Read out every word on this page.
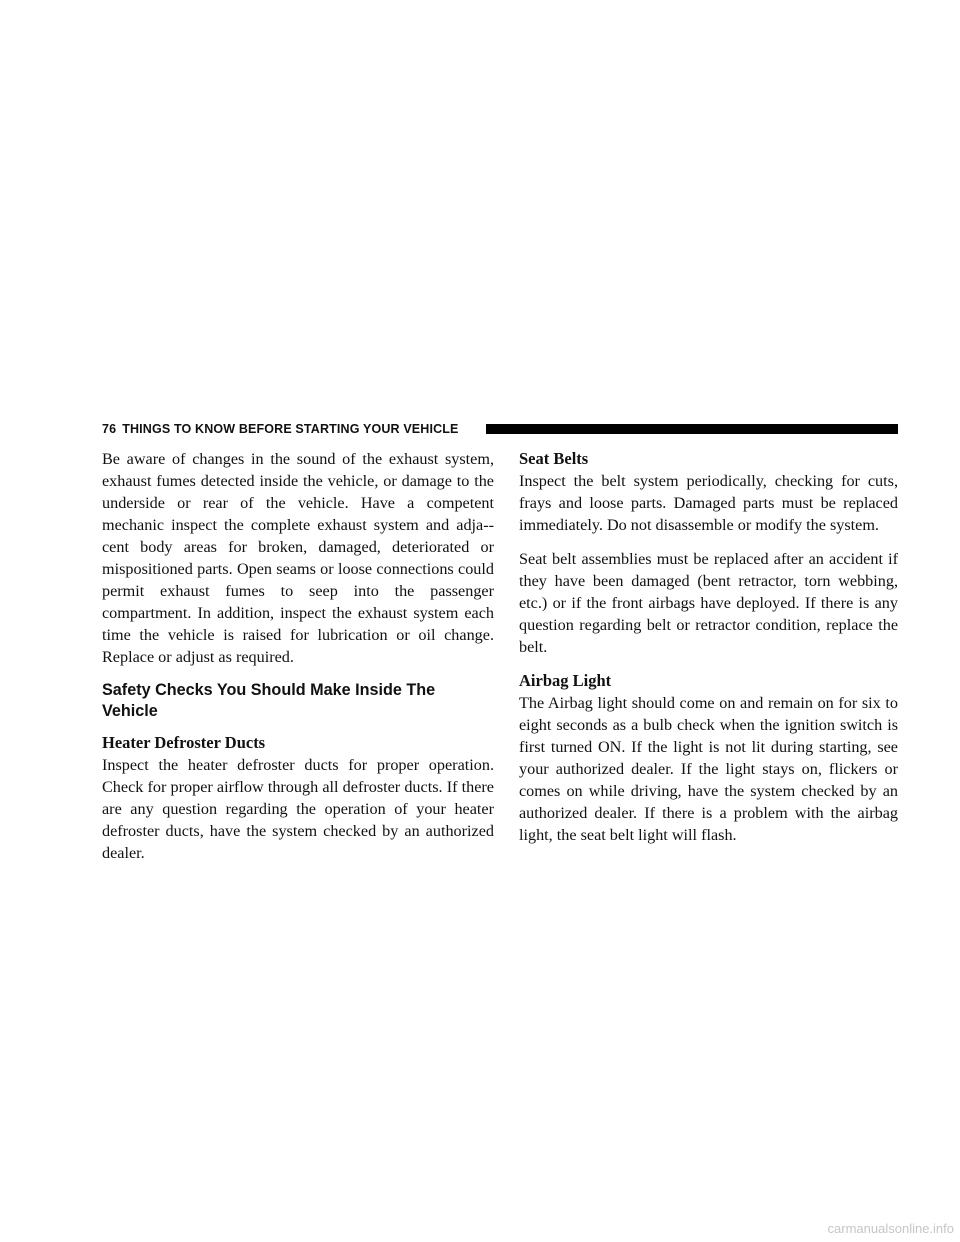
76 THINGS TO KNOW BEFORE STARTING YOUR VEHICLE

Be aware of changes in the sound of the exhaust system, exhaust fumes detected inside the vehicle, or damage to the underside or rear of the vehicle. Have a competent mechanic inspect the complete exhaust system and adja-cent body areas for broken, damaged, deteriorated or mispositioned parts. Open seams or loose connections could permit exhaust fumes to seep into the passenger compartment. In addition, inspect the exhaust system each time the vehicle is raised for lubrication or oil change. Replace or adjust as required.

Safety Checks You Should Make Inside The Vehicle
Heater Defroster Ducts

Inspect the heater defroster ducts for proper operation. Check for proper airflow through all defroster ducts. If there are any question regarding the operation of your heater defroster ducts, have the system checked by an authorized dealer.

Seat Belts

Inspect the belt system periodically, checking for cuts, frays and loose parts. Damaged parts must be replaced immediately. Do not disassemble or modify the system.

Seat belt assemblies must be replaced after an accident if they have been damaged (bent retractor, torn webbing, etc.) or if the front airbags have deployed. If there is any question regarding belt or retractor condition, replace the belt.

Airbag Light

The Airbag light should come on and remain on for six to eight seconds as a bulb check when the ignition switch is first turned ON. If the light is not lit during starting, see your authorized dealer. If the light stays on, flickers or comes on while driving, have the system checked by an authorized dealer. If there is a problem with the airbag light, the seat belt light will flash.

carmanualsonline.info
